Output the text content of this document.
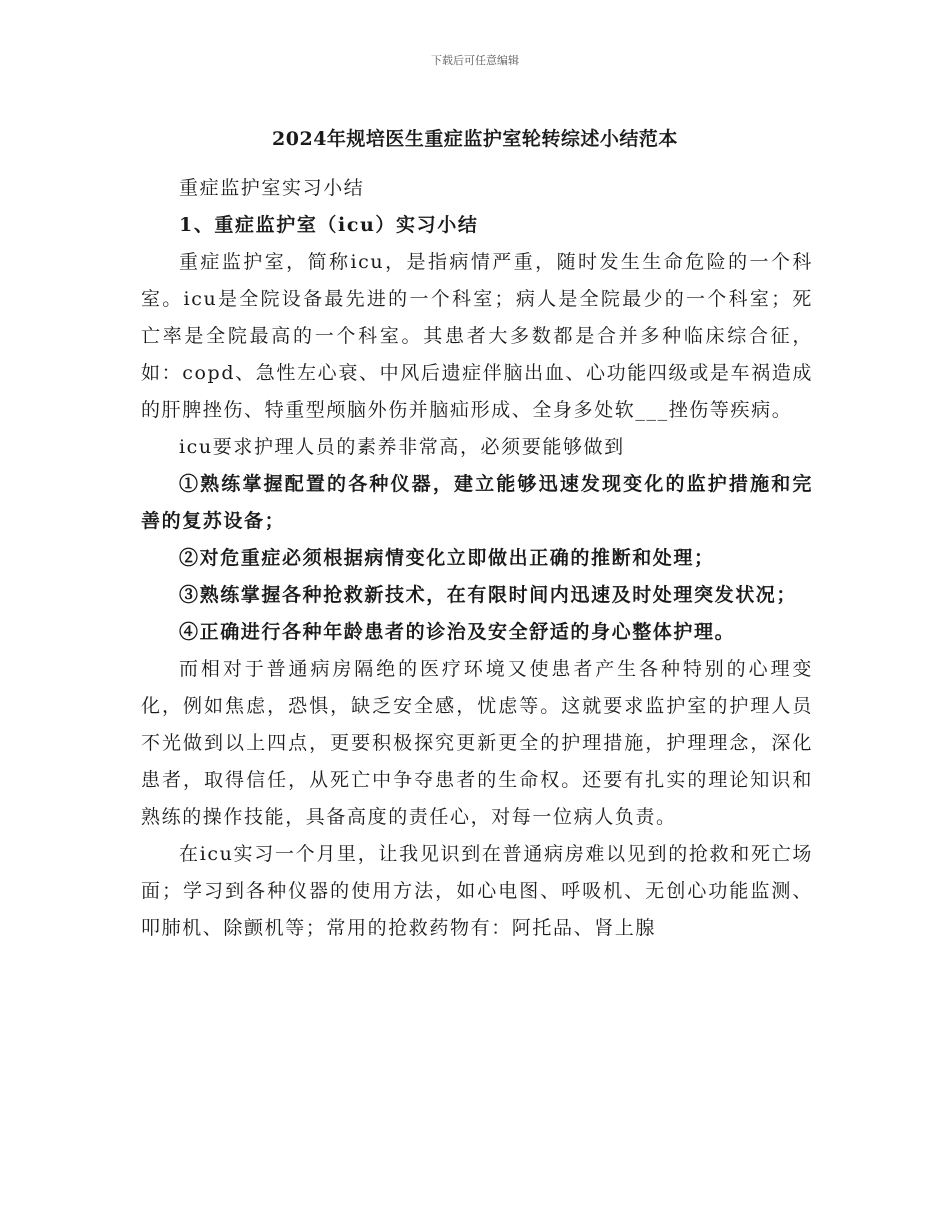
下载后可任意编辑
2024年规培医生重症监护室轮转综述小结范本

重症监护室实习小结

1、重症监护室（icu）实习小结

重症监护室，简称icu，是指病情严重，随时发生生命危险的一个科室。icu是全院设备最先进的一个科室；病人是全院最少的一个科室；死亡率是全院最高的一个科室。其患者大多数都是合并多种临床综合征，如：copd、急性左心衰、中风后遗症伴脑出血、心功能四级或是车祸造成的肝脾挫伤、特重型颅脑外伤并脑疝形成、全身多处软___挫伤等疾病。

icu要求护理人员的素养非常高，必须要能够做到

①熟练掌握配置的各种仪器，建立能够迅速发现变化的监护措施和完善的复苏设备；

②对危重症必须根据病情变化立即做出正确的推断和处理；

③熟练掌握各种抢救新技术，在有限时间内迅速及时处理突发状况；

④正确进行各种年龄患者的诊治及安全舒适的身心整体护理。

而相对于普通病房隔绝的医疗环境又使患者产生各种特别的心理变化，例如焦虑，恐惧，缺乏安全感，忧虑等。这就要求监护室的护理人员不光做到以上四点，更要积极探究更新更全的护理措施，护理理念，深化患者，取得信任，从死亡中争夺患者的生命权。还要有扎实的理论知识和熟练的操作技能，具备高度的责任心，对每一位病人负责。

在icu实习一个月里，让我见识到在普通病房难以见到的抢救和死亡场面；学习到各种仪器的使用方法，如心电图、呼吸机、无创心功能监测、叩肺机、除颤机等；常用的抢救药物有：阿托品、肾上腺
